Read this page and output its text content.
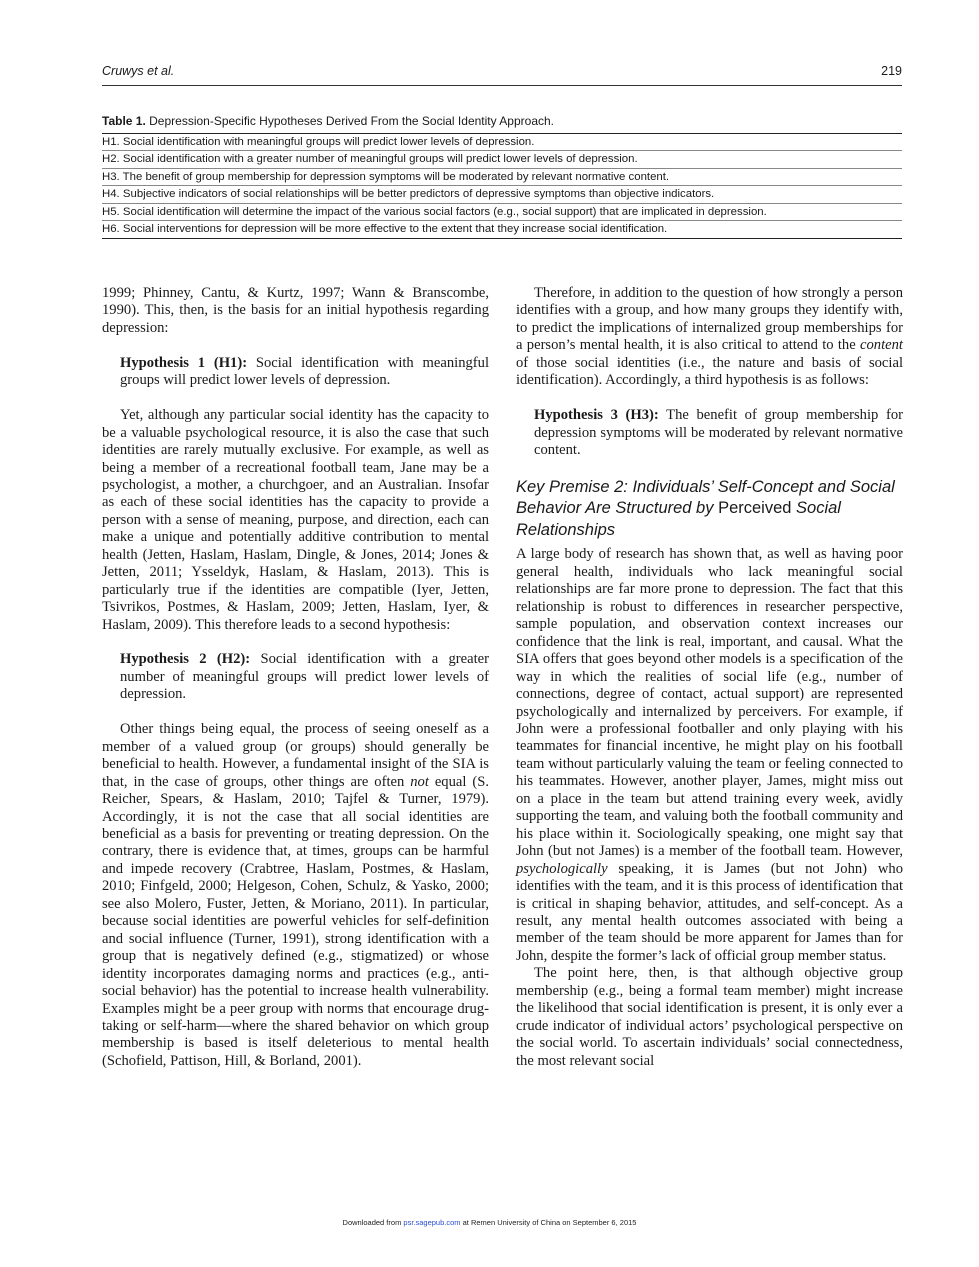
Cruwys et al.	219
Table 1. Depression-Specific Hypotheses Derived From the Social Identity Approach.
H1. Social identification with meaningful groups will predict lower levels of depression.
H2. Social identification with a greater number of meaningful groups will predict lower levels of depression.
H3. The benefit of group membership for depression symptoms will be moderated by relevant normative content.
H4. Subjective indicators of social relationships will be better predictors of depressive symptoms than objective indicators.
H5. Social identification will determine the impact of the various social factors (e.g., social support) that are implicated in depression.
H6. Social interventions for depression will be more effective to the extent that they increase social identification.

1999; Phinney, Cantu, & Kurtz, 1997; Wann & Branscombe, 1990). This, then, is the basis for an initial hypothesis regarding depression:

Hypothesis 1 (H1): Social identification with meaningful groups will predict lower levels of depression.

Yet, although any particular social identity has the capacity to be a valuable psychological resource, it is also the case that such identities are rarely mutually exclusive. For example, as well as being a member of a recreational football team, Jane may be a psychologist, a mother, a churchgoer, and an Australian. Insofar as each of these social identities has the capacity to provide a person with a sense of meaning, purpose, and direction, each can make a unique and potentially additive contribution to mental health (Jetten, Haslam, Haslam, Dingle, & Jones, 2014; Jones & Jetten, 2011; Ysseldyk, Haslam, & Haslam, 2013). This is particularly true if the identities are compatible (Iyer, Jetten, Tsivrikos, Postmes, & Haslam, 2009; Jetten, Haslam, Iyer, & Haslam, 2009). This therefore leads to a second hypothesis:

Hypothesis 2 (H2): Social identification with a greater number of meaningful groups will predict lower levels of depression.

Other things being equal, the process of seeing oneself as a member of a valued group (or groups) should generally be beneficial to health. However, a fundamental insight of the SIA is that, in the case of groups, other things are often not equal (S. Reicher, Spears, & Haslam, 2010; Tajfel & Turner, 1979). Accordingly, it is not the case that all social identities are beneficial as a basis for preventing or treating depression. On the contrary, there is evidence that, at times, groups can be harmful and impede recovery (Crabtree, Haslam, Postmes, & Haslam, 2010; Finfgeld, 2000; Helgeson, Cohen, Schulz, & Yasko, 2000; see also Molero, Fuster, Jetten, & Moriano, 2011). In particular, because social identities are powerful vehicles for self-definition and social influence (Turner, 1991), strong identification with a group that is negatively defined (e.g., stigmatized) or whose identity incorporates damaging norms and practices (e.g., anti-social behavior) has the potential to increase health vulnerability. Examples might be a peer group with norms that encourage drug-taking or self-harm—where the shared behavior on which group membership is based is itself deleterious to mental health (Schofield, Pattison, Hill, & Borland, 2001).

Therefore, in addition to the question of how strongly a person identifies with a group, and how many groups they identify with, to predict the implications of internalized group memberships for a person’s mental health, it is also critical to attend to the content of those social identities (i.e., the nature and basis of social identification). Accordingly, a third hypothesis is as follows:

Hypothesis 3 (H3): The benefit of group membership for depression symptoms will be moderated by relevant normative content.

Key Premise 2: Individuals’ Self-Concept and Social Behavior Are Structured by Perceived Social Relationships

A large body of research has shown that, as well as having poor general health, individuals who lack meaningful social relationships are far more prone to depression. The fact that this relationship is robust to differences in researcher perspective, sample population, and observation context increases our confidence that the link is real, important, and causal. What the SIA offers that goes beyond other models is a specification of the way in which the realities of social life (e.g., number of connections, degree of contact, actual support) are represented psychologically and internalized by perceivers. For example, if John were a professional footballer and only playing with his teammates for financial incentive, he might play on his football team without particularly valuing the team or feeling connected to his teammates. However, another player, James, might miss out on a place in the team but attend training every week, avidly supporting the team, and valuing both the football community and his place within it. Sociologically speaking, one might say that John (but not James) is a member of the football team. However, psychologically speaking, it is James (but not John) who identifies with the team, and it is this process of identification that is critical in shaping behavior, attitudes, and self-concept. As a result, any mental health outcomes associated with being a member of the team should be more apparent for James than for John, despite the former’s lack of official group member status.

The point here, then, is that although objective group membership (e.g., being a formal team member) might increase the likelihood that social identification is present, it is only ever a crude indicator of individual actors’ psychological perspective on the social world. To ascertain individuals’ social connectedness, the most relevant social

Downloaded from psr.sagepub.com at Remen University of China on September 6, 2015
